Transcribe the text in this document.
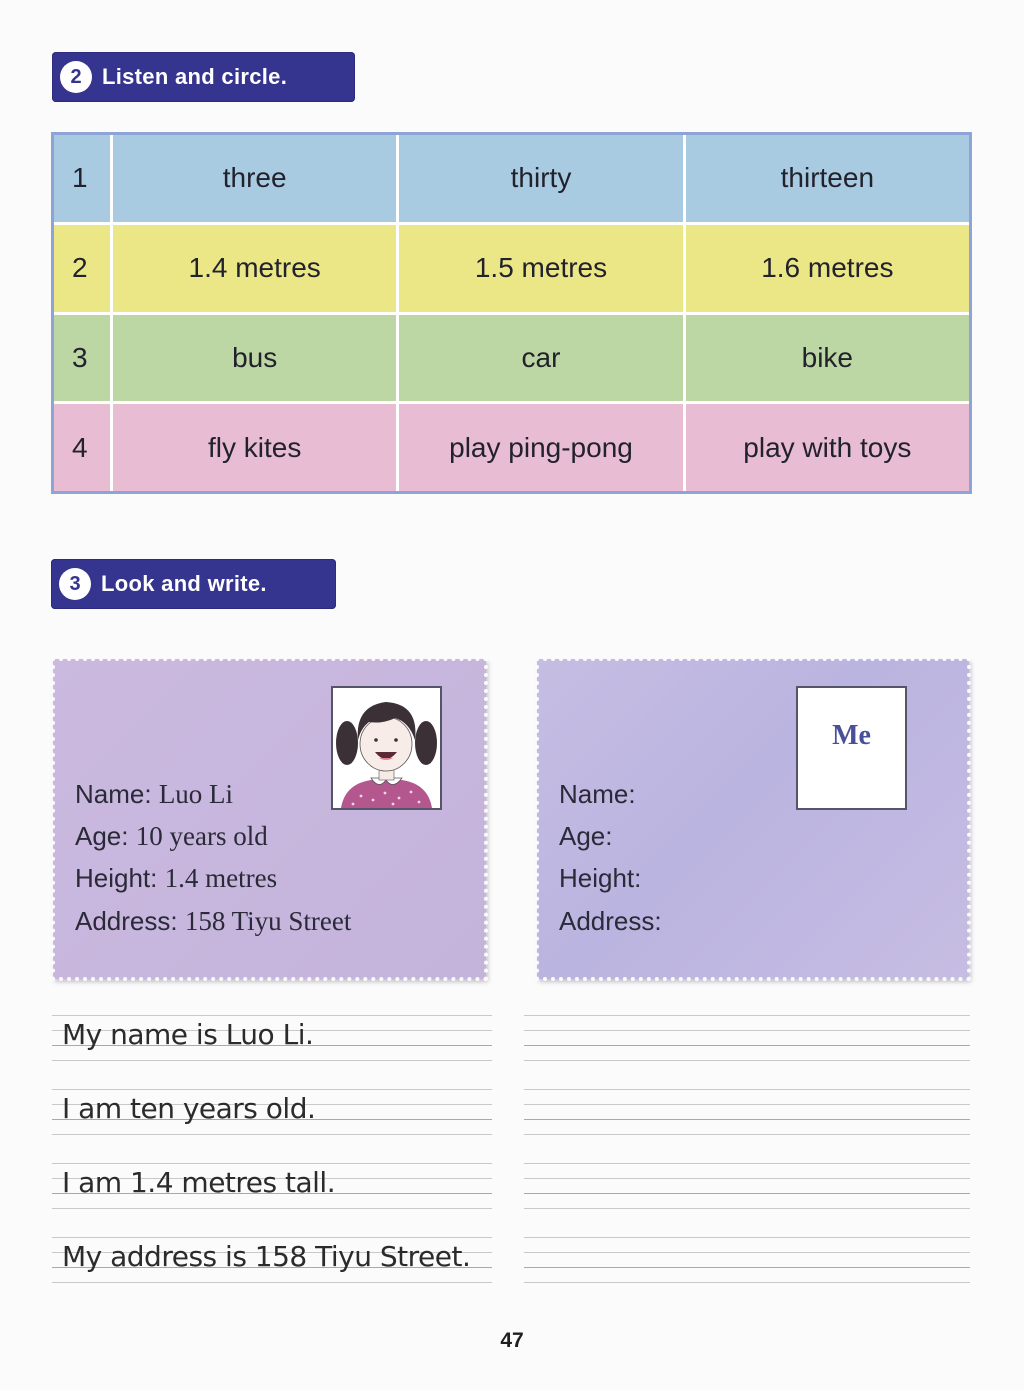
2 Listen and circle.
1	three	thirty	thirteen
2	1.4 metres	1.5 metres	1.6 metres
3	bus	car	bike
4	fly kites	play ping-pong	play with toys
3 Look and write.
Name: Luo Li
Age: 10 years old
Height: 1.4 metres
Address: 158 Tiyu Street
Me
Name:
Age:
Height:
Address:
My name is Luo Li.
I am ten years old.
I am 1.4 metres tall.
My address is 158 Tiyu Street.
47
